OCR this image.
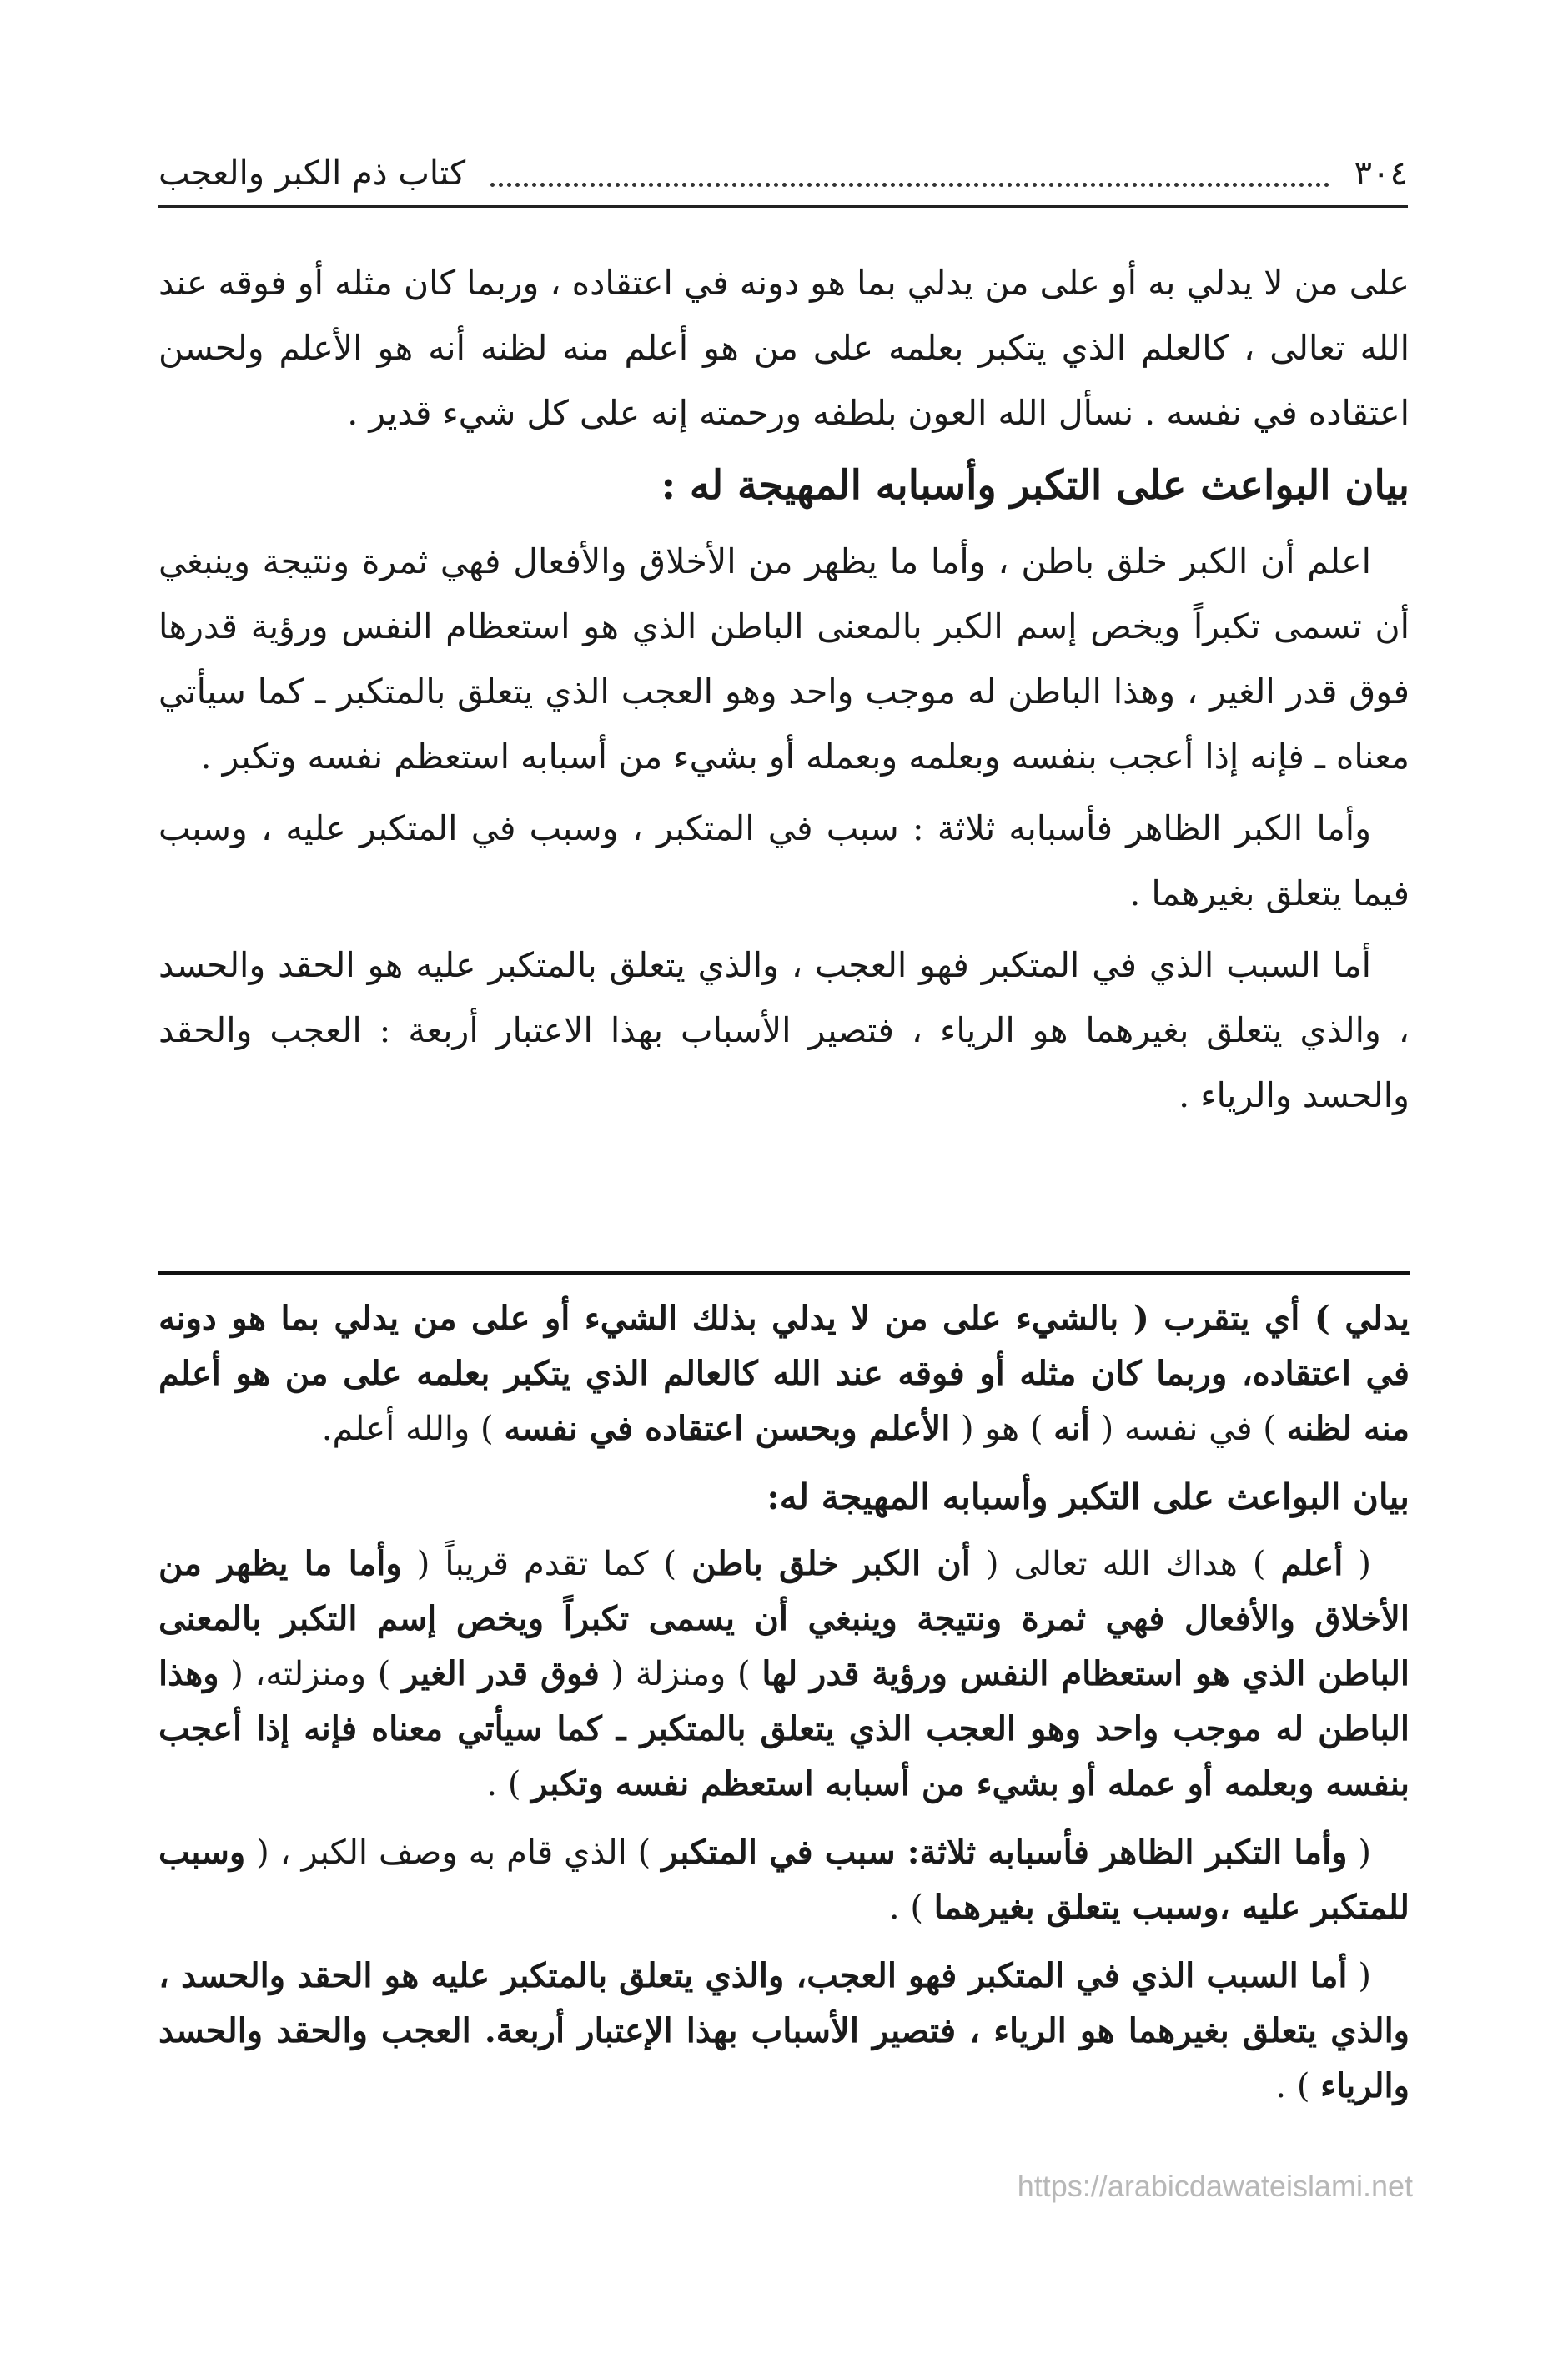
٣٠٤
كتاب ذم الكبر والعجب

على من لا يدلي به أو على من يدلي بما هو دونه في اعتقاده ، وربما كان مثله أو فوقه عند الله تعالى ، كالعلم الذي يتكبر بعلمه على من هو أعلم منه لظنه أنه هو الأعلم ولحسن اعتقاده في نفسه . نسأل الله العون بلطفه ورحمته إنه على كل شيء قدير .

بيان البواعث على التكبر وأسبابه المهيجة له :

اعلم أن الكبر خلق باطن ، وأما ما يظهر من الأخلاق والأفعال فهي ثمرة ونتيجة وينبغي أن تسمى تكبراً ويخص إسم الكبر بالمعنى الباطن الذي هو استعظام النفس ورؤية قدرها فوق قدر الغير ، وهذا الباطن له موجب واحد وهو العجب الذي يتعلق بالمتكبر ـ كما سيأتي معناه ـ فإنه إذا أعجب بنفسه وبعلمه وبعمله أو بشيء من أسبابه استعظم نفسه وتكبر .

وأما الكبر الظاهر فأسبابه ثلاثة : سبب في المتكبر ، وسبب في المتكبر عليه ، وسبب فيما يتعلق بغيرهما .

أما السبب الذي في المتكبر فهو العجب ، والذي يتعلق بالمتكبر عليه هو الحقد والحسد ، والذي يتعلق بغيرهما هو الرياء ، فتصير الأسباب بهذا الاعتبار أربعة : العجب والحقد والحسد والرياء .

يدلي ) أي يتقرب ( بالشيء على من لا يدلي بذلك الشيء أو على من يدلي بما هو دونه في اعتقاده، وربما كان مثله أو فوقه عند الله كالعالم الذي يتكبر بعلمه على من هو أعلم منه لظنه ) في نفسه ( أنه ) هو ( الأعلم وبحسن اعتقاده في نفسه ) والله أعلم.

بيان البواعث على التكبر وأسبابه المهيجة له:

( أعلم ) هداك الله تعالى ( أن الكبر خلق باطن ) كما تقدم قريباً ( وأما ما يظهر من الأخلاق والأفعال فهي ثمرة ونتيجة وينبغي أن يسمى تكبراً ويخص إسم التكبر بالمعنى الباطن الذي هو استعظام النفس ورؤية قدر لها ) ومنزلة ( فوق قدر الغير ) ومنزلته، ( وهذا الباطن له موجب واحد وهو العجب الذي يتعلق بالمتكبر ـ كما سيأتي معناه فإنه إذا أعجب بنفسه وبعلمه أو عمله أو بشيء من أسبابه استعظم نفسه وتكبر ) .

( وأما التكبر الظاهر فأسبابه ثلاثة: سبب في المتكبر ) الذي قام به وصف الكبر ، ( وسبب للمتكبر عليه ،وسبب يتعلق بغيرهما ) .

( أما السبب الذي في المتكبر فهو العجب، والذي يتعلق بالمتكبر عليه هو الحقد والحسد ، والذي يتعلق بغيرهما هو الرياء ، فتصير الأسباب بهذا الإعتبار أربعة. العجب والحقد والحسد والرياء ) .

https://arabicdawateislami.net
